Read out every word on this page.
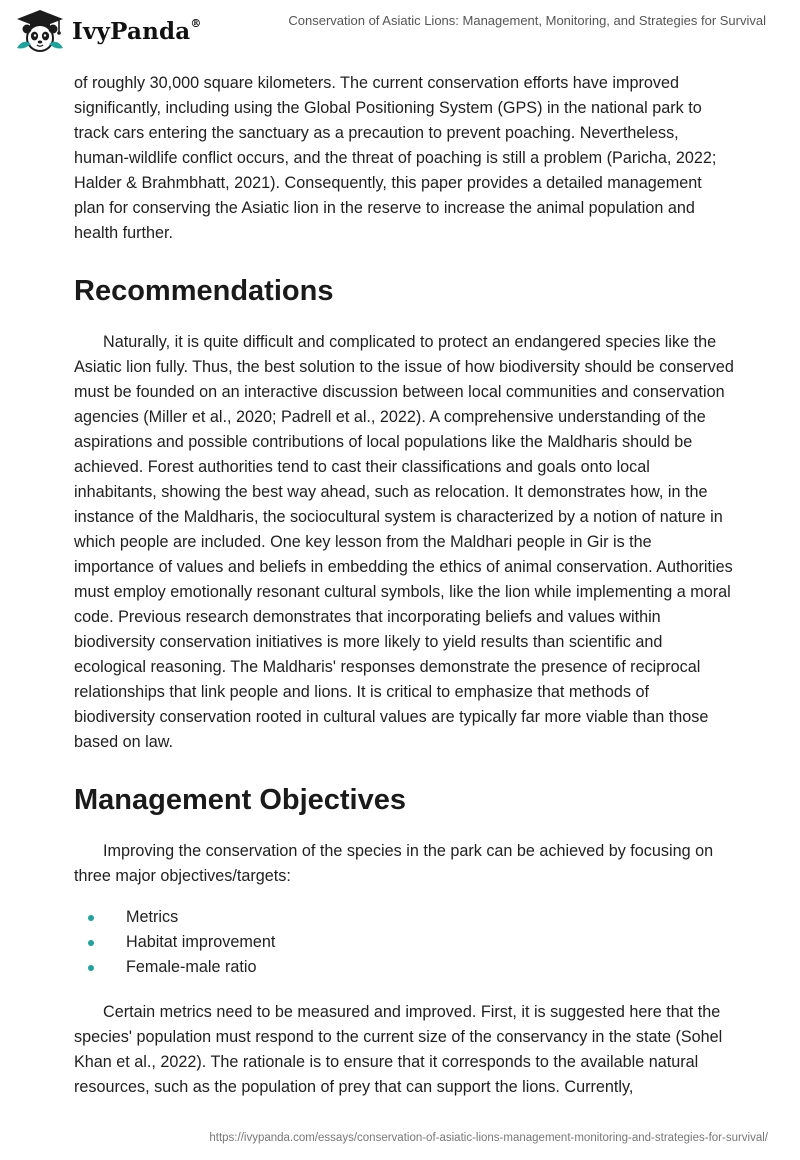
IvyPanda®	Conservation of Asiatic Lions: Management, Monitoring, and Strategies for Survival

of roughly 30,000 square kilometers. The current conservation efforts have improved significantly, including using the Global Positioning System (GPS) in the national park to track cars entering the sanctuary as a precaution to prevent poaching. Nevertheless, human-wildlife conflict occurs, and the threat of poaching is still a problem (Paricha, 2022; Halder & Brahmbhatt, 2021). Consequently, this paper provides a detailed management plan for conserving the Asiatic lion in the reserve to increase the animal population and health further.

Recommendations

Naturally, it is quite difficult and complicated to protect an endangered species like the Asiatic lion fully. Thus, the best solution to the issue of how biodiversity should be conserved must be founded on an interactive discussion between local communities and conservation agencies (Miller et al., 2020; Padrell et al., 2022). A comprehensive understanding of the aspirations and possible contributions of local populations like the Maldharis should be achieved. Forest authorities tend to cast their classifications and goals onto local inhabitants, showing the best way ahead, such as relocation. It demonstrates how, in the instance of the Maldharis, the sociocultural system is characterized by a notion of nature in which people are included. One key lesson from the Maldhari people in Gir is the importance of values and beliefs in embedding the ethics of animal conservation. Authorities must employ emotionally resonant cultural symbols, like the lion while implementing a moral code. Previous research demonstrates that incorporating beliefs and values within biodiversity conservation initiatives is more likely to yield results than scientific and ecological reasoning. The Maldharis' responses demonstrate the presence of reciprocal relationships that link people and lions. It is critical to emphasize that methods of biodiversity conservation rooted in cultural values are typically far more viable than those based on law.

Management Objectives

Improving the conservation of the species in the park can be achieved by focusing on three major objectives/targets:

Metrics
Habitat improvement
Female-male ratio

Certain metrics need to be measured and improved. First, it is suggested here that the species' population must respond to the current size of the conservancy in the state (Sohel Khan et al., 2022). The rationale is to ensure that it corresponds to the available natural resources, such as the population of prey that can support the lions. Currently,

https://ivypanda.com/essays/conservation-of-asiatic-lions-management-monitoring-and-strategies-for-survival/
